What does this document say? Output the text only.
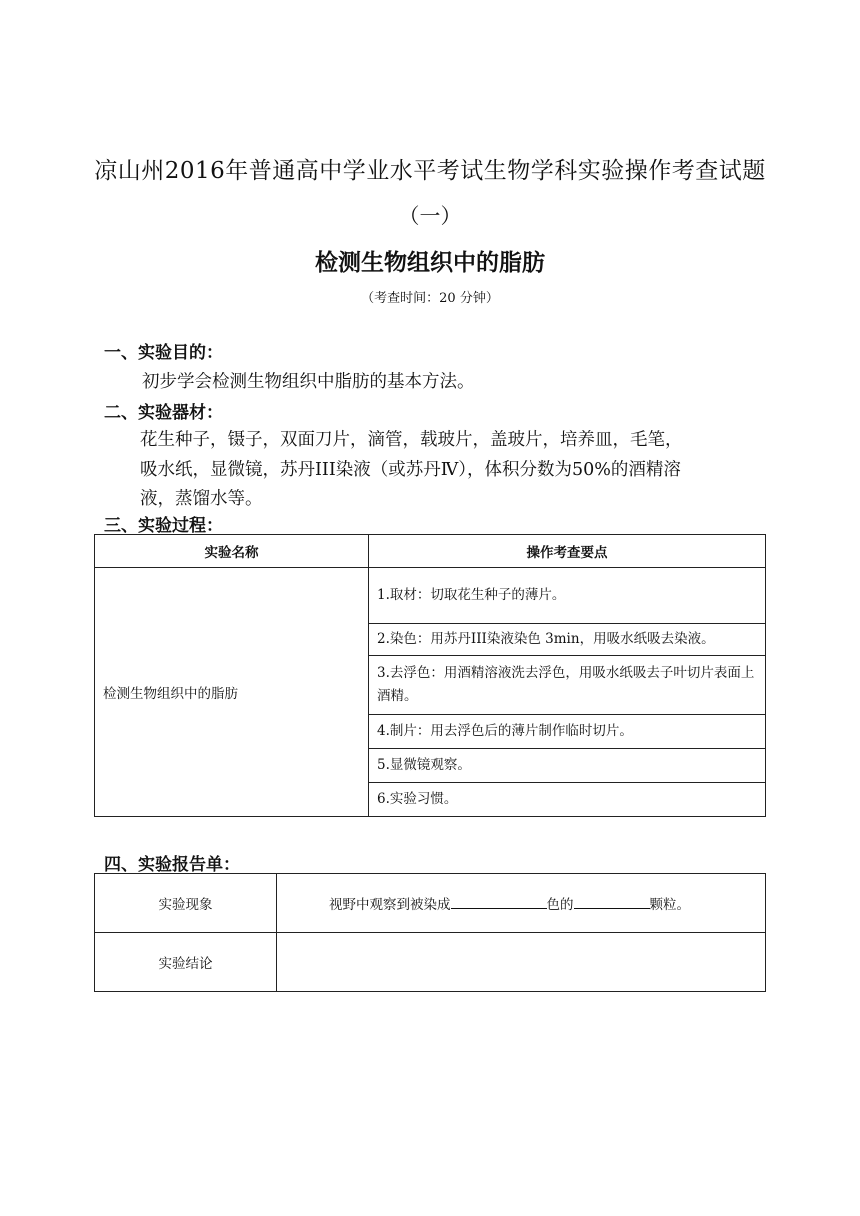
凉山州2016年普通高中学业水平考试生物学科实验操作考查试题
（一）
检测生物组织中的脂肪
（考查时间：20 分钟）
一、实验目的：
初步学会检测生物组织中脂肪的基本方法。
二、实验器材：
花生种子，镊子，双面刀片，滴管，载玻片，盖玻片，培养皿，毛笔，
吸水纸，显微镜，苏丹III染液（或苏丹Ⅳ），体积分数为50%的酒精溶
液，蒸馏水等。
三、实验过程：
实验名称	操作考查要点
检测生物组织中的脂肪	1.取材：切取花生种子的薄片。
	2.染色：用苏丹III染液染色 3min，用吸水纸吸去染液。
	3.去浮色：用酒精溶液洗去浮色，用吸水纸吸去子叶切片表面上酒精。
	4.制片：用去浮色后的薄片制作临时切片。
	5.显微镜观察。
	6.实验习惯。
四、实验报告单：
实验现象	视野中观察到被染成 色的 颗粒。
实验结论	
